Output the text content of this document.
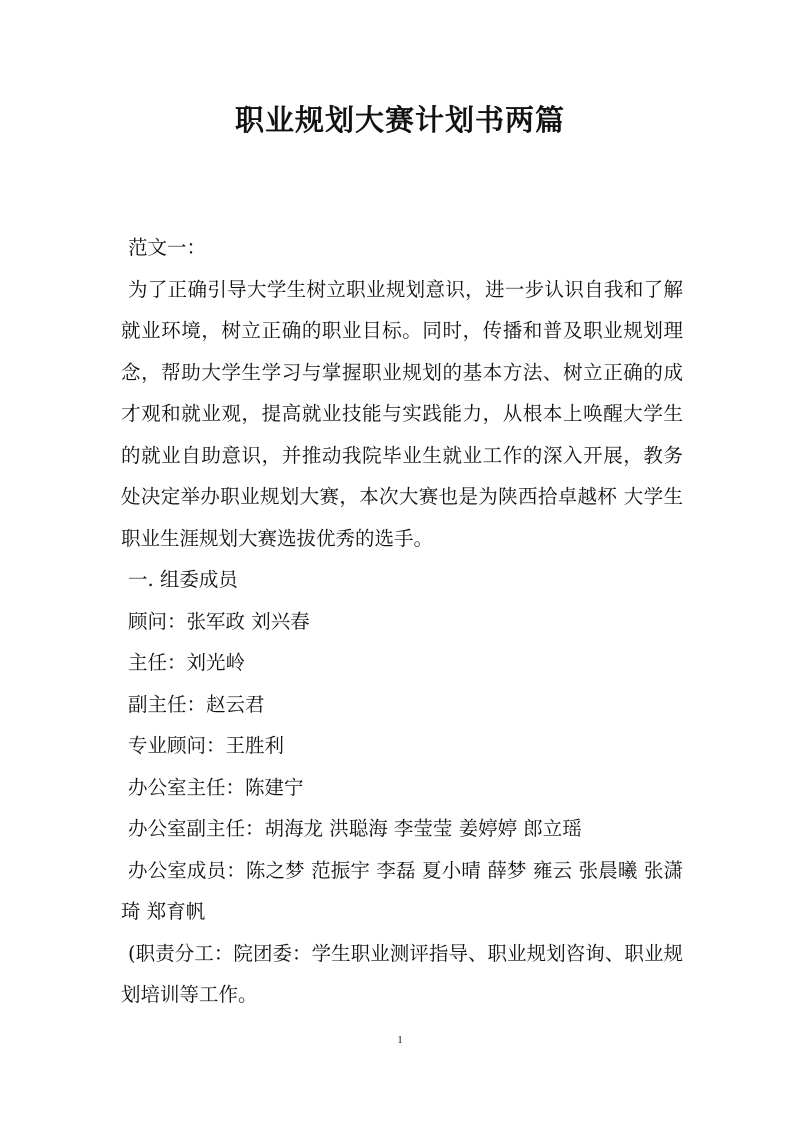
职业规划大赛计划书两篇

范文一：

为了正确引导大学生树立职业规划意识，进一步认识自我和了解就业环境，树立正确的职业目标。同时，传播和普及职业规划理念，帮助大学生学习与掌握职业规划的基本方法、树立正确的成才观和就业观，提高就业技能与实践能力，从根本上唤醒大学生的就业自助意识，并推动我院毕业生就业工作的深入开展，教务处决定举办职业规划大赛，本次大赛也是为陕西拾卓越杯 大学生职业生涯规划大赛选拔优秀的选手。

一. 组委成员

顾问：张军政 刘兴春

主任：刘光岭

副主任：赵云君

专业顾问：王胜利

办公室主任：陈建宁

办公室副主任：胡海龙 洪聪海 李莹莹 姜婷婷 郎立瑶

办公室成员：陈之梦 范振宇 李磊 夏小晴 薛梦 雍云 张晨曦 张潇琦 郑育帆

(职责分工：院团委：学生职业测评指导、职业规划咨询、职业规划培训等工作。

1
